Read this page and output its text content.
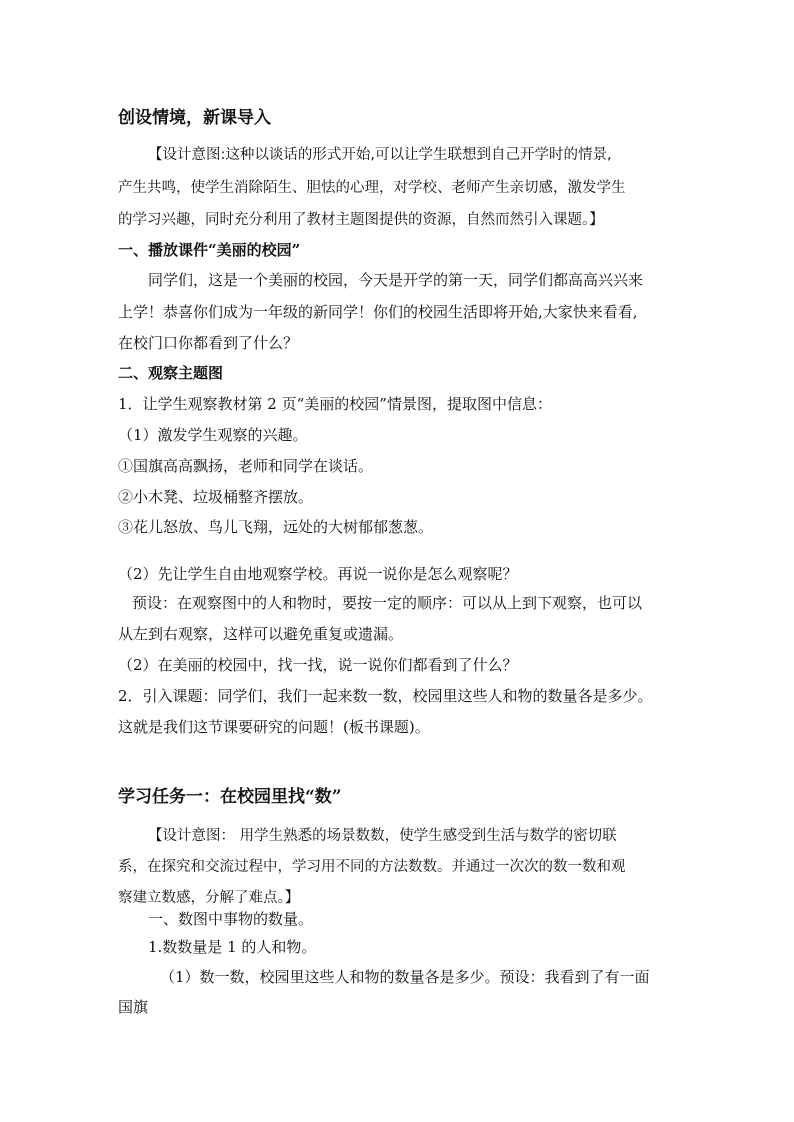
创设情境，新课导入
【设计意图:这种以谈话的形式开始,可以让学生联想到自己开学时的情景,
产生共鸣，使学生消除陌生、胆怯的心理，对学校、老师产生亲切感，激发学生
的学习兴趣，同时充分利用了教材主题图提供的资源，自然而然引入课题。】
一、播放课件“美丽的校园”
同学们，这是一个美丽的校园，今天是开学的第一天，同学们都高高兴兴来
上学！恭喜你们成为一年级的新同学！你们的校园生活即将开始,大家快来看看,
在校门口你都看到了什么？
二、观察主题图
1．让学生观察教材第 2 页“美丽的校园”情景图，提取图中信息：
（1）激发学生观察的兴趣。
①国旗高高飘扬，老师和同学在谈话。
②小木凳、垃圾桶整齐摆放。
③花儿怒放、鸟儿飞翔，远处的大树郁郁葱葱。
（2）先让学生自由地观察学校。再说一说你是怎么观察呢？
预设：在观察图中的人和物时，要按一定的顺序：可以从上到下观察，也可以
从左到右观察，这样可以避免重复或遗漏。
（2）在美丽的校园中，找一找，说一说你们都看到了什么？
2．引入课题：同学们，我们一起来数一数，校园里这些人和物的数量各是多少。
这就是我们这节课要研究的问题！(板书课题)。
学习任务一：在校园里找“数”
【设计意图： 用学生熟悉的场景数数，使学生感受到生活与数学的密切联
系，在探究和交流过程中，学习用不同的方法数数。并通过一次次的数一数和观
察建立数感，分解了难点。】
一、数图中事物的数量。
1.数数量是 1 的人和物。
（1）数一数，校园里这些人和物的数量各是多少。预设：我看到了有一面
国旗
